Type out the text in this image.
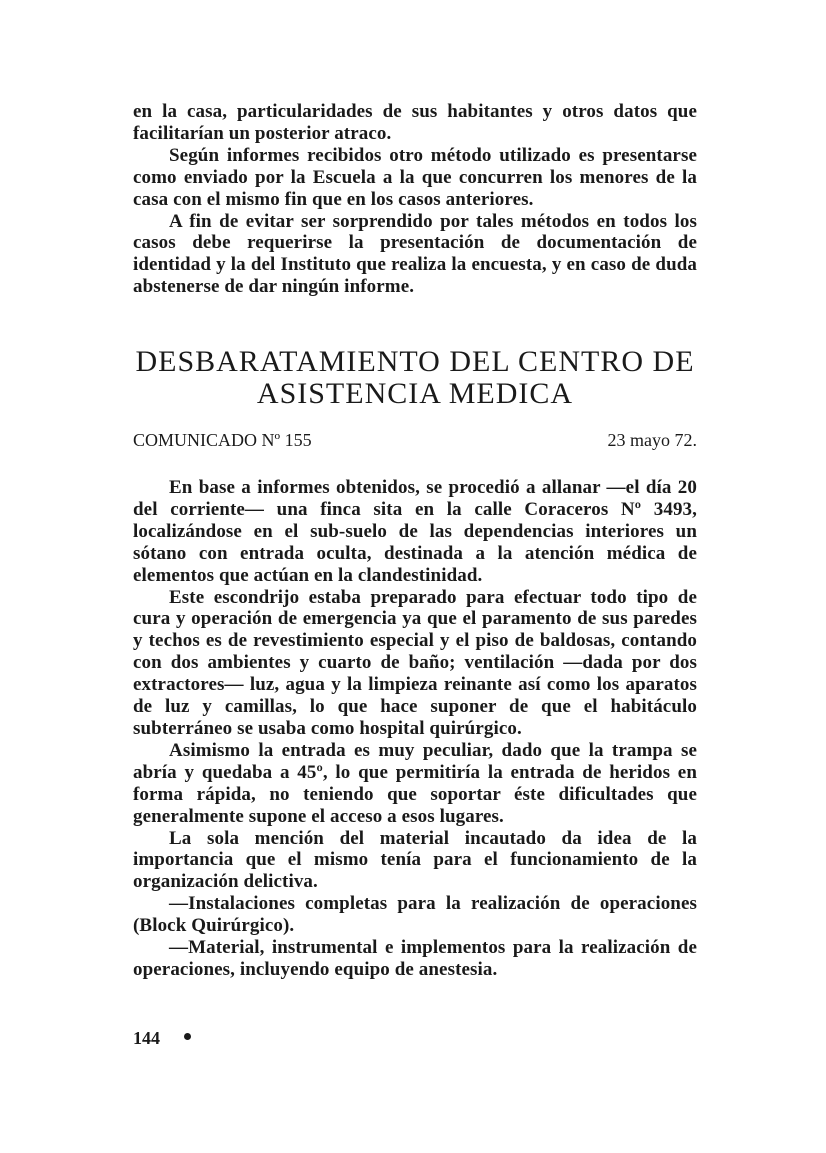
en la casa, particularidades de sus habitantes y otros datos que facilitarían un posterior atraco.

Según informes recibidos otro método utilizado es presentarse como enviado por la Escuela a la que concurren los menores de la casa con el mismo fin que en los casos anteriores.

A fin de evitar ser sorprendido por tales métodos en todos los casos debe requerirse la presentación de documentación de identidad y la del Instituto que realiza la encuesta, y en caso de duda abstenerse de dar ningún informe.

DESBARATAMIENTO DEL CENTRO DE
ASISTENCIA MEDICA
COMUNICADO Nº 155	23 mayo 72.

En base a informes obtenidos, se procedió a allanar —el día 20 del corriente— una finca sita en la calle Coraceros Nº 3493, localizándose en el sub-suelo de las dependencias interiores un sótano con entrada oculta, destinada a la atención médica de elementos que actúan en la clandestinidad.

Este escondrijo estaba preparado para efectuar todo tipo de cura y operación de emergencia ya que el paramento de sus paredes y techos es de revestimiento especial y el piso de baldosas, contando con dos ambientes y cuarto de baño; ventilación —dada por dos extractores— luz, agua y la limpieza reinante así como los aparatos de luz y camillas, lo que hace suponer de que el habitáculo subterráneo se usaba como hospital quirúrgico.

Asimismo la entrada es muy peculiar, dado que la trampa se abría y quedaba a 45º, lo que permitiría la entrada de heridos en forma rápida, no teniendo que soportar éste dificultades que generalmente supone el acceso a esos lugares.

La sola mención del material incautado da idea de la importancia que el mismo tenía para el funcionamiento de la organización delictiva.

—Instalaciones completas para la realización de operaciones (Block Quirúrgico).

—Material, instrumental e implementos para la realización de operaciones, incluyendo equipo de anestesia.

144
